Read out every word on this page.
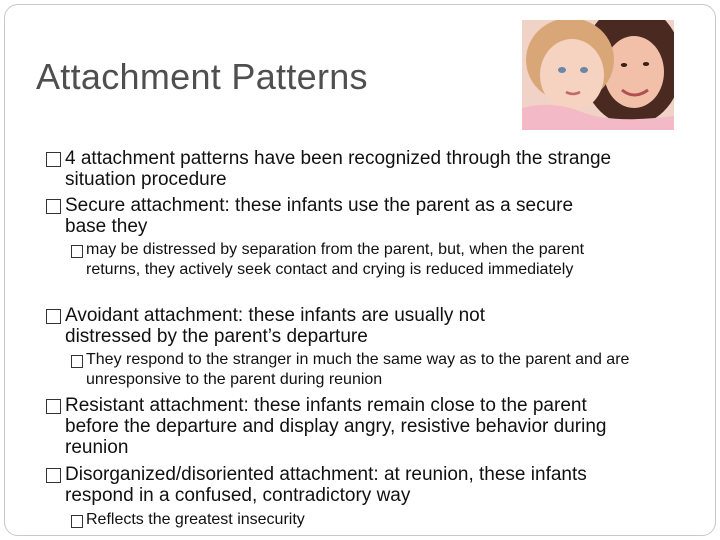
Attachment Patterns
4 attachment patterns have been recognized through the strange situation procedure
Secure attachment: these infants use the parent as a secure base they
may be distressed by separation from the parent, but, when the parent returns, they actively seek contact and crying is reduced immediately
Avoidant attachment: these infants are usually not distressed by the parent’s departure
They respond to the stranger in much the same way as to the parent and are unresponsive to the parent during reunion
Resistant attachment: these infants remain close to the parent before the departure and display angry, resistive behavior during reunion
Disorganized/disoriented attachment: at reunion, these infants respond in a confused, contradictory way
Reflects the greatest insecurity
